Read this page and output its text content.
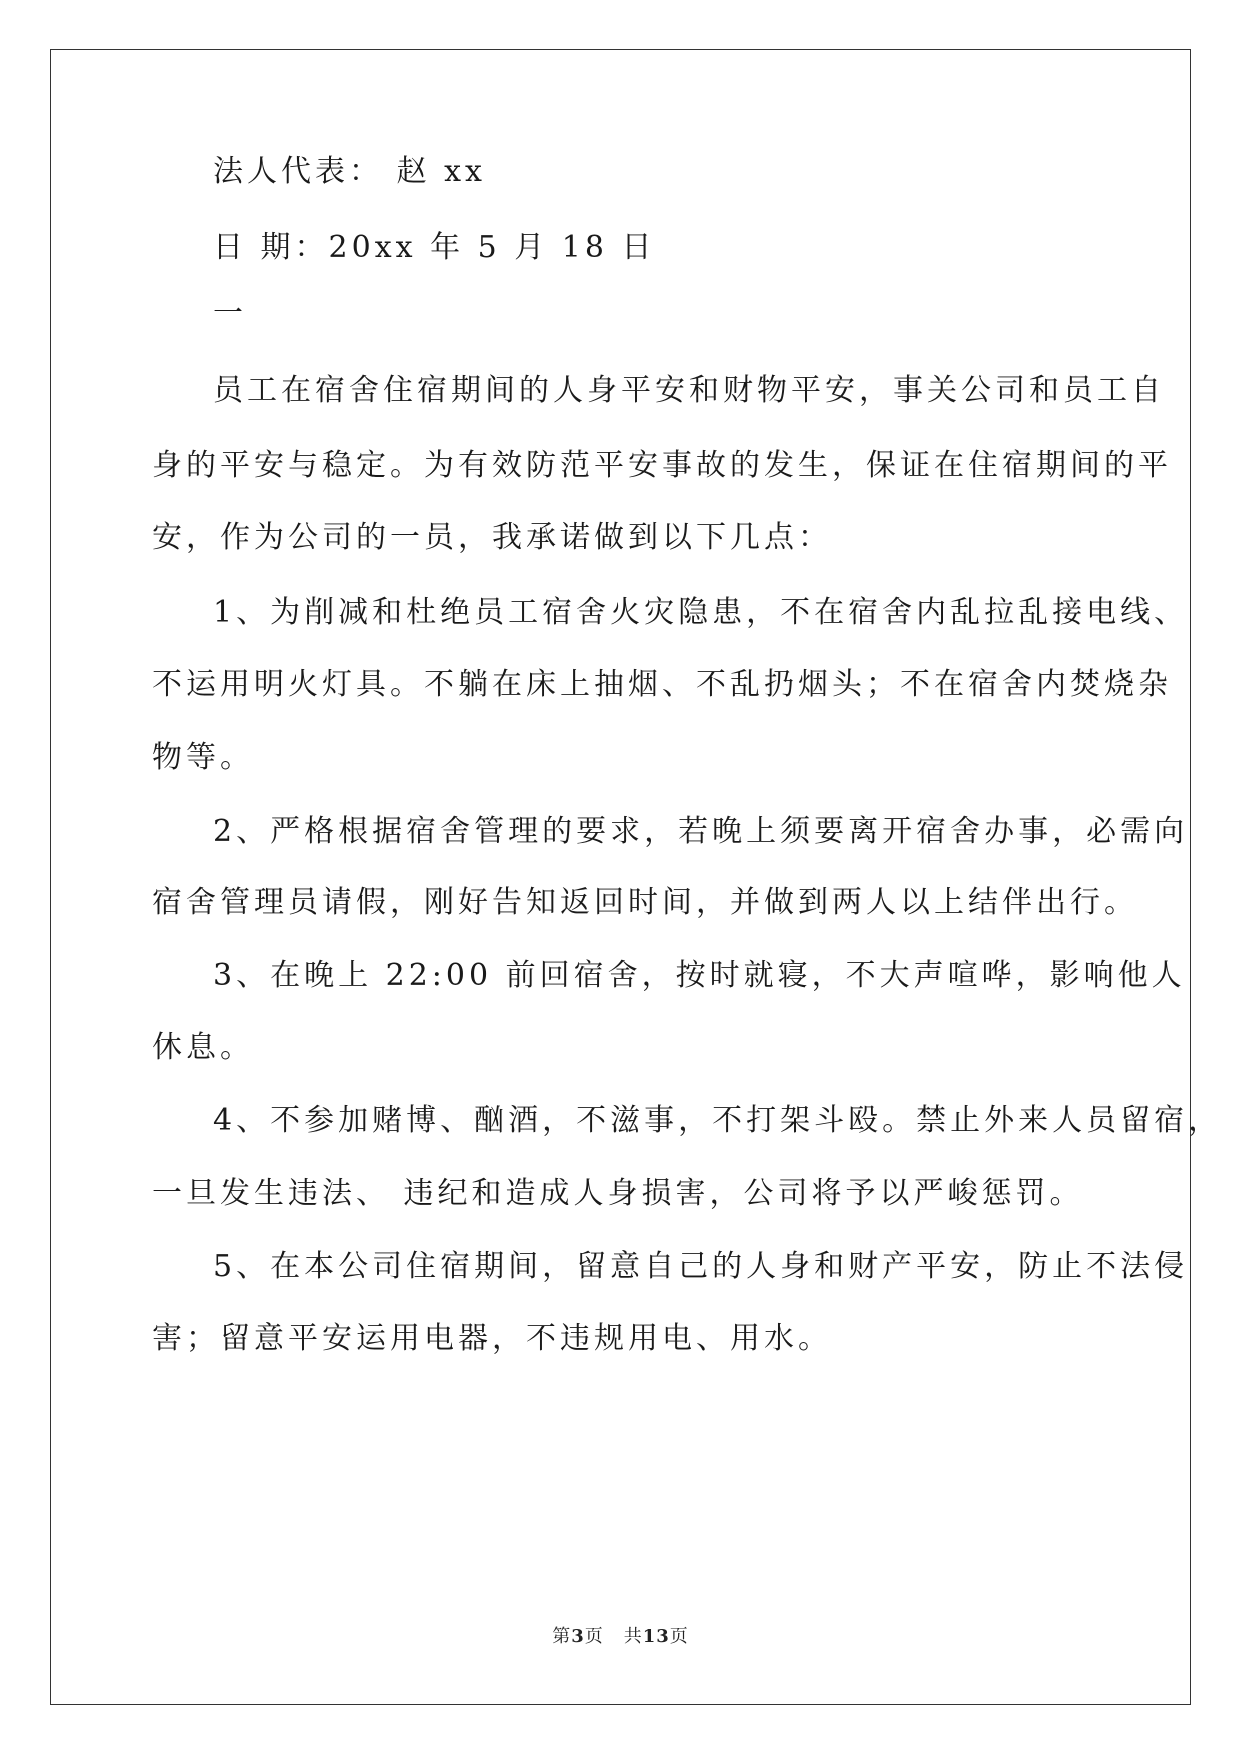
法人代表： 赵 xx
日 期：20xx 年 5 月 18 日
一
员工在宿舍住宿期间的人身平安和财物平安，事关公司和员工自
身的平安与稳定。为有效防范平安事故的发生，保证在住宿期间的平
安，作为公司的一员，我承诺做到以下几点：
1、为削减和杜绝员工宿舍火灾隐患，不在宿舍内乱拉乱接电线、
不运用明火灯具。不躺在床上抽烟、不乱扔烟头；不在宿舍内焚烧杂
物等。
2、严格根据宿舍管理的要求，若晚上须要离开宿舍办事，必需向
宿舍管理员请假，刚好告知返回时间，并做到两人以上结伴出行。
3、在晚上 22:00 前回宿舍，按时就寝，不大声喧哗，影响他人
休息。
4、不参加赌博、酗酒，不滋事，不打架斗殴。禁止外来人员留宿，
一旦发生违法、 违纪和造成人身损害，公司将予以严峻惩罚。
5、在本公司住宿期间，留意自己的人身和财产平安，防止不法侵
害；留意平安运用电器，不违规用电、用水。
第3页 共13页
